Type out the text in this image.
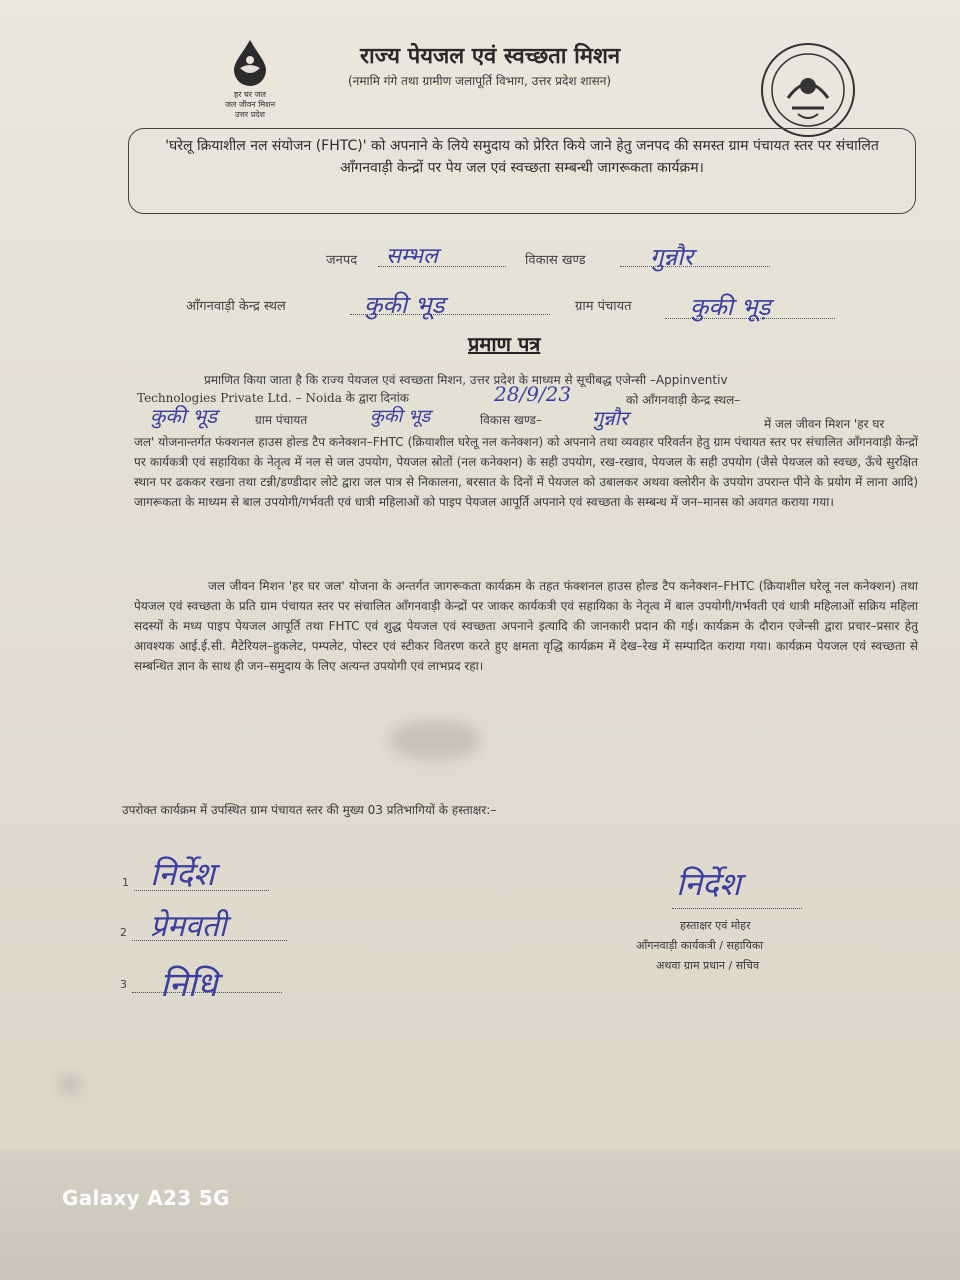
हर घर जल
जल जीवन मिशन
उत्तर प्रदेश
राज्य पेयजल एवं स्वच्छता मिशन
(नमामि गंगे तथा ग्रामीण जलापूर्ति विभाग, उत्तर प्रदेश शासन)
'घरेलू क्रियाशील नल संयोजन (FHTC)' को अपनाने के लिये समुदाय को प्रेरित किये जाने हेतु जनपद की समस्त ग्राम पंचायत स्तर पर संचालित आँगनवाड़ी केन्द्रों पर पेय जल एवं स्वच्छता सम्बन्धी जागरूकता कार्यक्रम।
जनपद सम्भल	विकास खण्ड	गुन्नौर
आँगनवाड़ी केन्द्र स्थल	कुकी भूड	ग्राम पंचायत कुकी भूड़
प्रमाण पत्र
प्रमाणित किया जाता है कि राज्य पेयजल एवं स्वच्छता मिशन, उत्तर प्रदेश के माध्यम से सूचीबद्ध एजेन्सी –Appinventiv
Technologies Private Ltd. – Noida के द्वारा दिनांक	28/9/23	को आँगनवाड़ी केन्द्र स्थल–
कुकी भूड	ग्राम पंचायत	कुकी भूड	विकास खण्ड–	गुन्नौर	में जल जीवन मिशन 'हर घर
जल' योजनान्तर्गत फंक्शनल हाउस होल्ड टैप कनेक्शन–FHTC (क्रियाशील घरेलू नल कनेक्शन) को अपनाने तथा व्यवहार परिवर्तन हेतु ग्राम पंचायत स्तर पर संचालित आँगनवाड़ी केन्द्रों पर कार्यकत्री एवं सहायिका के नेतृत्व में नल से जल उपयोग, पेयजल स्रोतों (नल कनेक्शन) के सही उपयोग, रख-रखाव, पेयजल के सही उपयोग (जैसे पेयजल को स्वच्छ, ऊँचे सुरक्षित स्थान पर ढककर रखना तथा टन्नी/डण्डीदार लोटे द्वारा जल पात्र से निकालना, बरसात के दिनों में पेयजल को उबालकर अथवा क्लोरीन के उपयोग उपरान्त पीने के प्रयोग में लाना आदि) जागरूकता के माध्यम से बाल उपयोगी/गर्भवती एवं धात्री महिलाओं को पाइप पेयजल आपूर्ति अपनाने एवं स्वच्छता के सम्बन्ध में जन–मानस को अवगत कराया गया।
जल जीवन मिशन 'हर घर जल' योजना के अन्तर्गत जागरूकता कार्यक्रम के तहत फंक्शनल हाउस होल्ड टैप कनेक्शन–FHTC (क्रियाशील घरेलू नल कनेक्शन) तथा पेयजल एवं स्वच्छता के प्रति ग्राम पंचायत स्तर पर संचालित आँगनवाड़ी केन्द्रों पर जाकर कार्यकत्री एवं सहायिका के नेतृत्व में बाल उपयोगी/गर्भवती एवं धात्री महिलाओं सक्रिय महिला सदस्यों के मध्य पाइप पेयजल आपूर्ति तथा FHTC एवं शुद्ध पेयजल एवं स्वच्छता अपनाने इत्यादि की जानकारी प्रदान की गई। कार्यक्रम के दौरान एजेन्सी द्वारा प्रचार–प्रसार हेतु आवश्यक आई.ई.सी. मैटेरियल–हुकलेट, पम्पलेट, पोस्टर एवं स्टीकर वितरण करते हुए क्षमता वृद्धि कार्यक्रम में देख–रेख में सम्पादित कराया गया। कार्यक्रम पेयजल एवं स्वच्छता से सम्बन्धित ज्ञान के साथ ही जन–समुदाय के लिए अत्यन्त उपयोगी एवं लाभप्रद रहा।
उपरोक्त कार्यक्रम में उपस्थित ग्राम पंचायत स्तर की मुख्य 03 प्रतिभागियों के हस्ताक्षर:–
1 निर्देश
2 प्रेमवती
3 निधि
निर्देश
हस्ताक्षर एवं मोहर
आँगनवाड़ी कार्यकत्री / सहायिका
अथवा ग्राम प्रधान / सचिव
Galaxy A23 5G
